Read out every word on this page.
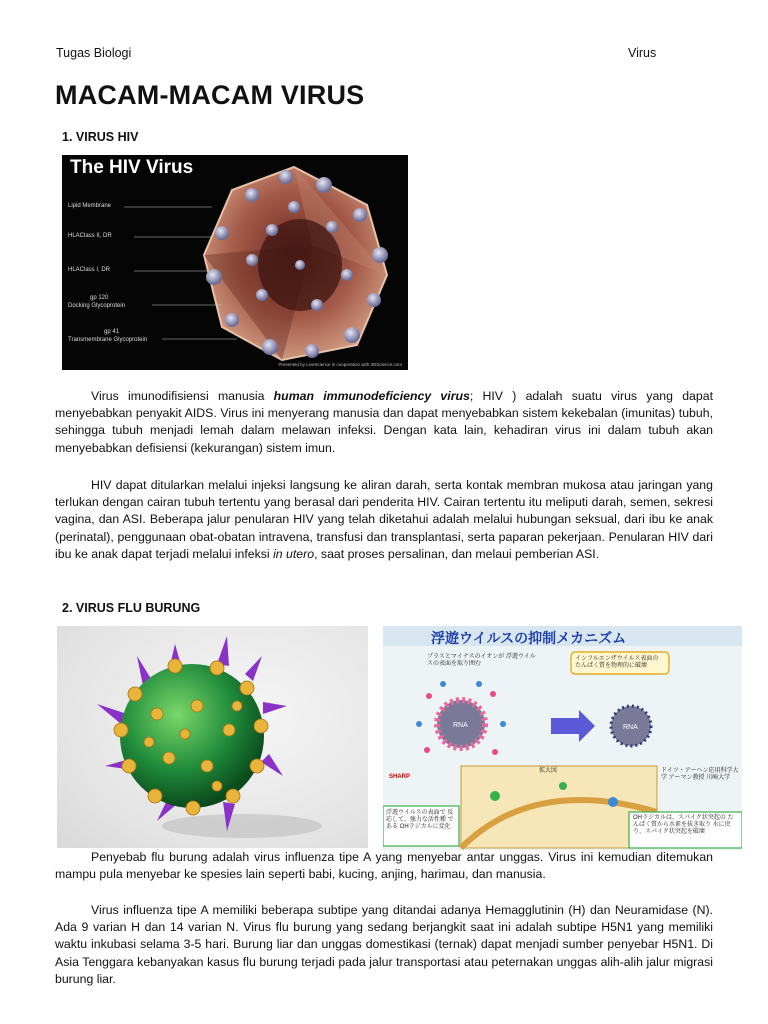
Tugas Biologi	Virus
MACAM-MACAM VIRUS
1. VIRUS HIV
The HIV Virus
Lipid Membrane
HLAClass II, DR
HLAClass I, DR
gp 120
Docking Glycoprotein
gp 41
Transmembrane Glycoprotein
Presented by LiveScience in cooperation with 3DScience.com

Virus imunodifisiensi manusia human immunodeficiency virus; HIV ) adalah suatu virus yang dapat menyebabkan penyakit AIDS. Virus ini menyerang manusia dan dapat menyebabkan sistem kekebalan (imunitas) tubuh, sehingga tubuh menjadi lemah dalam melawan infeksi. Dengan kata lain, kehadiran virus ini dalam tubuh akan menyebabkan defisiensi (kekurangan) sistem imun.

HIV dapat ditularkan melalui injeksi langsung ke aliran darah, serta kontak membran mukosa atau jaringan yang terlukan dengan cairan tubuh tertentu yang berasal dari penderita HIV. Cairan tertentu itu meliputi darah, semen, sekresi vagina, dan ASI. Beberapa jalur penularan HIV yang telah diketahui adalah melalui hubungan seksual, dari ibu ke anak (perinatal), penggunaan obat-obatan intravena, transfusi dan transplantasi, serta paparan pekerjaan. Penularan HIV dari ibu ke anak dapat terjadi melalui infeksi in utero, saat proses persalinan, dan melaui pemberian ASI.

2. VIRUS FLU BURUNG
RNA	RNA
浮遊ウイルスの抑制メカニズム
プラスとマイナスのイオンが 浮遊ウイルスの表面を取り囲む
インフルエンザウイルス表面の たんぱく質を物理的に破壊
拡大図	ドイツ・アーヘン応用科学大学 アーマン教授 川崎大学
浮遊ウイルスの表面で 反応して、強力な活性種 である OHラジカルに変化
OHラジカルは、スパイク状突起の たんぱく質から水素を抜き取り 水に戻り、スパイク状突起を破壊
SHARP

Penyebab flu burung adalah virus influenza tipe A yang menyebar antar unggas. Virus ini kemudian ditemukan mampu pula menyebar ke spesies lain seperti babi, kucing, anjing, harimau, dan manusia.

Virus influenza tipe A memiliki beberapa subtipe yang ditandai adanya Hemagglutinin (H) dan Neuramidase (N). Ada 9 varian H dan 14 varian N. Virus flu burung yang sedang berjangkit saat ini adalah subtipe H5N1 yang memiliki waktu inkubasi selama 3-5 hari. Burung liar dan unggas domestikasi (ternak) dapat menjadi sumber penyebar H5N1. Di Asia Tenggara kebanyakan kasus flu burung terjadi pada jalur transportasi atau peternakan unggas alih-alih jalur migrasi burung liar.
